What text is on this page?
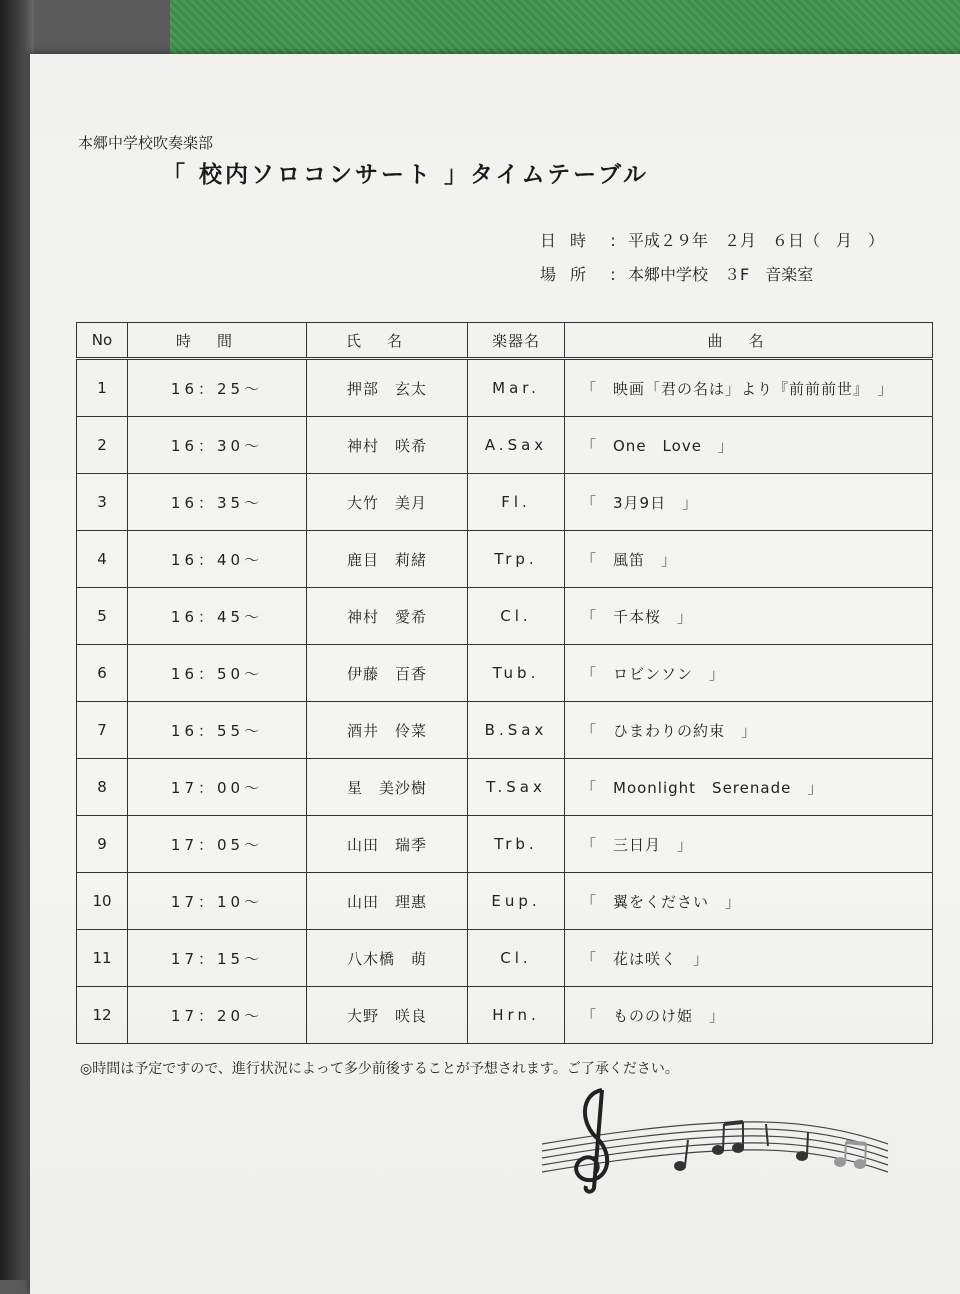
本郷中学校吹奏楽部
「 校内ソロコンサート 」タイムテーブル
日時 : 平成２９年　２月　６日（　月　）
場所 : 本郷中学校　３F　音楽室
No	時間	氏名	楽器名	曲名
1	16：25～	押部　玄太	Mar.	「　映画「君の名は」より『前前前世』　」
2	16：30～	神村　咲希	A.Sax	「　One　Love　」
3	16：35～	大竹　美月	Fl.	「　3月9日　」
4	16：40～	鹿目　莉緒	Trp.	「　風笛　」
5	16：45～	神村　愛希	Cl.	「　千本桜　」
6	16：50～	伊藤　百香	Tub.	「　ロビンソン　」
7	16：55～	酒井　伶菜	B.Sax	「　ひまわりの約束　」
8	17：00～	星　美沙樹	T.Sax	「　Moonlight　Serenade　」
9	17：05～	山田　瑞季	Trb.	「　三日月　」
10	17：10～	山田　理惠	Eup.	「　翼をください　」
11	17：15～	八木橋　萌	Cl.	「　花は咲く　」
12	17：20～	大野　咲良	Hrn.	「　もののけ姫　」
◎時間は予定ですので、進行状況によって多少前後することが予想されます。ご了承ください。
